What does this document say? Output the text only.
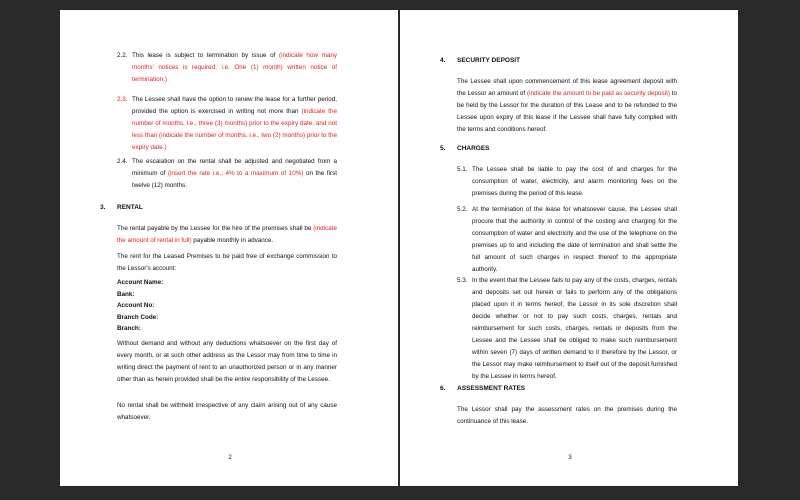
2.2. This lease is subject to termination by issue of (indicate how many months' notices is required, i.e. One (1) month) written notice of termination.)

2.3. The Lessee shall have the option to renew the lease for a further period, provided the option is exercised in writing not more than (indicate the number of months, i.e., three (3) months) prior to the expiry date, and not less than (indicate the number of months, i.e., two (2) months) prior to the expiry date.)

2.4. The escalation on the rental shall be adjusted and negotiated from a minimum of (insert the rate i.e., 4% to a maximum of 10%) on the first twelve (12) months.

3. RENTAL

The rental payable by the Lessee for the hire of the premises shall be (indicate the amount of rental in full) payable monthly in advance.

The rent for the Leased Premises to be paid free of exchange commission to the Lessor's account:

Account Name:
Bank:
Account No:
Branch Code:
Branch:

Without demand and without any deductions whatsoever on the first day of every month, or at such other address as the Lessor may from time to time in writing direct the payment of rent to an unauthorized person or in any manner other than as herein provided shall be the entire responsibility of the Lessee.

No rental shall be withheld irrespective of any claim arising out of any cause whatsoever.

2
4. SECURITY DEPOSIT

The Lessee shall upon commencement of this lease agreement deposit with the Lessor an amount of (indicate the amount to be paid as security deposit) to be held by the Lessor for the duration of this Lease and to be refunded to the Lessee upon expiry of this lease if the Lessee shall have fully complied with the terms and conditions hereof.

5. CHARGES
5.1. The Lessee shall be liable to pay the cost of and charges for the consumption of water, electricity, and alarm monitoring fees on the premises during the period of this lease.

5.2. At the termination of the lease for whatsoever cause, the Lessee shall procure that the authority in control of the costing and charging for the consumption of water and electricity and the use of the telephone on the premises up to and including the date of termination and shall settle the full amount of such charges in respect thereof to the appropriate authority.

5.3. In the event that the Lessee fails to pay any of the costs, charges, rentals and deposits set out herein or fails to perform any of the obligations placed upon it in terms hereof, the Lessor in its sole discretion shall decide whether or not to pay such costs, charges, rentals and reimbursement for such costs, charges, rentals or deposits from the Lessee and the Lessee shall be obliged to make such reimbursement within seven (7) days of written demand to it therefore by the Lessor, or the Lessor may make reimbursement to itself out of the deposit furnished by the Lessee in terms hereof.

6. ASSESSMENT RATES

The Lessor shall pay the assessment rates on the premises during the continuance of this lease.

3
